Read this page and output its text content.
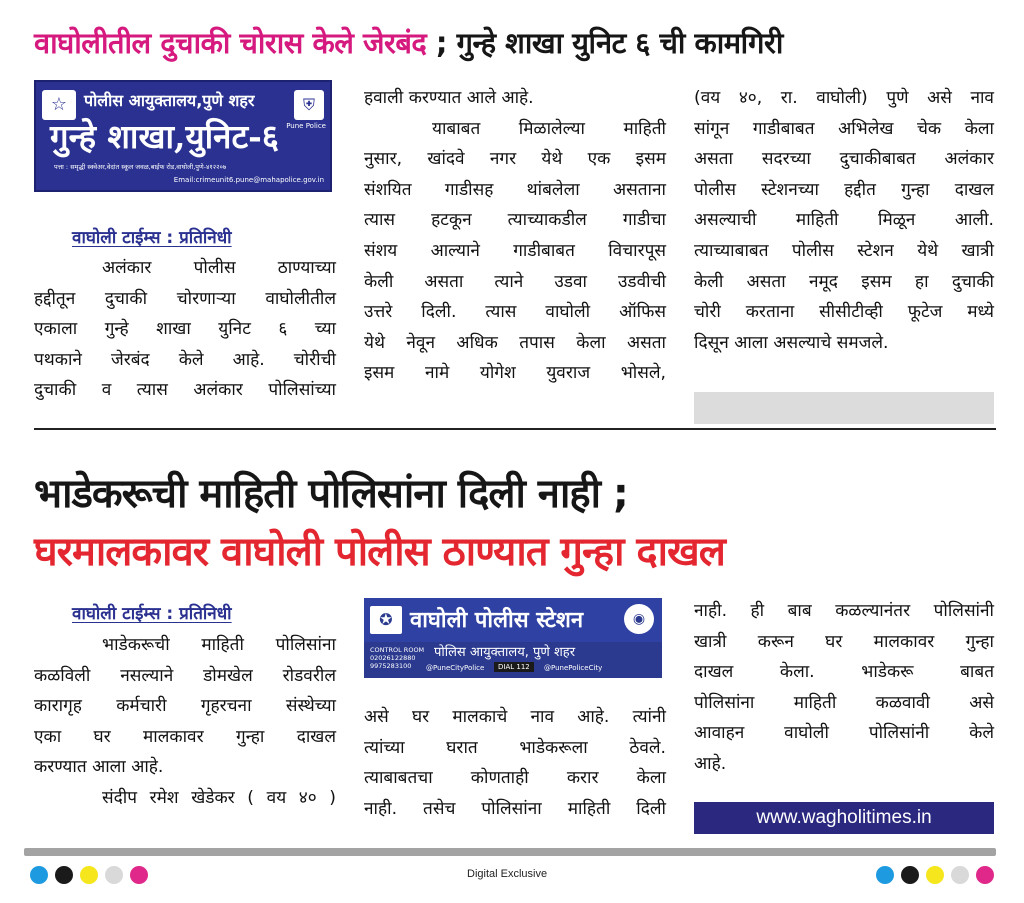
वाघोलीतील दुचाकी चोरास केले जेरबंद ; गुन्हे शाखा युनिट ६ ची कामगिरी
☆	पोलीस आयुक्तालय,पुणे शहर	⛨
Pune Police
गुन्हे शाखा,युनिट-६
पत्ता : समृद्धी स्क्वेअर,वेदांत स्कूल जवळ,बाईफ रोड,वाघोली,पुणे-४१२२०७
Email:crimeunit6.pune@mahapolice.gov.in
वाघोली टाईम्स : प्रतिनिधी

अलंकार पोलीस ठाण्याच्या

हद्दीतून दुचाकी चोरणाऱ्या वाघोलीतील

एकाला गुन्हे शाखा युनिट ६ च्या

पथकाने जेरबंद केले आहे. चोरीची

दुचाकी व त्यास अलंकार पोलिसांच्या

हवाली करण्यात आले आहे.

याबाबत मिळालेल्या माहिती

नुसार, खांदवे नगर येथे एक इसम

संशयित गाडीसह थांबलेला असताना

त्यास हटकून त्याच्याकडील गाडीचा

संशय आल्याने गाडीबाबत विचारपूस

केली असता त्याने उडवा उडवीची

उत्तरे दिली. त्यास वाघोली ऑफिस

येथे नेवून अधिक तपास केला असता

इसम नामे योगेश युवराज भोसले,

(वय ४०, रा. वाघोली) पुणे असे नाव

सांगून गाडीबाबत अभिलेख चेक केला

असता सदरच्या दुचाकीबाबत अलंकार

पोलीस स्टेशनच्या हद्दीत गुन्हा दाखल

असल्याची माहिती मिळून आली.

त्याच्याबाबत पोलीस स्टेशन येथे खात्री

केली असता नमूद इसम हा दुचाकी

चोरी करताना सीसीटीव्ही फूटेज मध्ये

दिसून आला असल्याचे समजले.

भाडेकरूची माहिती पोलिसांना दिली नाही ;
घरमालकावर वाघोली पोलीस ठाण्यात गुन्हा दाखल
वाघोली टाईम्स : प्रतिनिधी

भाडेकरूची माहिती पोलिसांना

कळविली नसल्याने डोमखेल रोडवरील

कारागृह कर्मचारी गृहरचना संस्थेच्या

एका घर मालकावर गुन्हा दाखल

करण्यात आला आहे.

संदीप रमेश खेडेकर ( वय ४० )

✪ वाघोली पोलीस स्टेशन	◉
पोलिस आयुक्तालय, पुणे शहर
CONTROL ROOM
02026122880
9975283100	@PuneCityPolice	DIAL 112	@PunePoliceCity

असे घर मालकाचे नाव आहे. त्यांनी

त्यांच्या घरात भाडेकरूला ठेवले.

त्याबाबतचा कोणताही करार केला

नाही. तसेच पोलिसांना माहिती दिली

नाही. ही बाब कळल्यानंतर पोलिसांनी

खात्री करून घर मालकावर गुन्हा

दाखल केला. भाडेकरू बाबत

पोलिसांना माहिती कळवावी असे

आवाहन वाघोली पोलिसांनी केले

आहे.

www.wagholitimes.in
Digital Exclusive
